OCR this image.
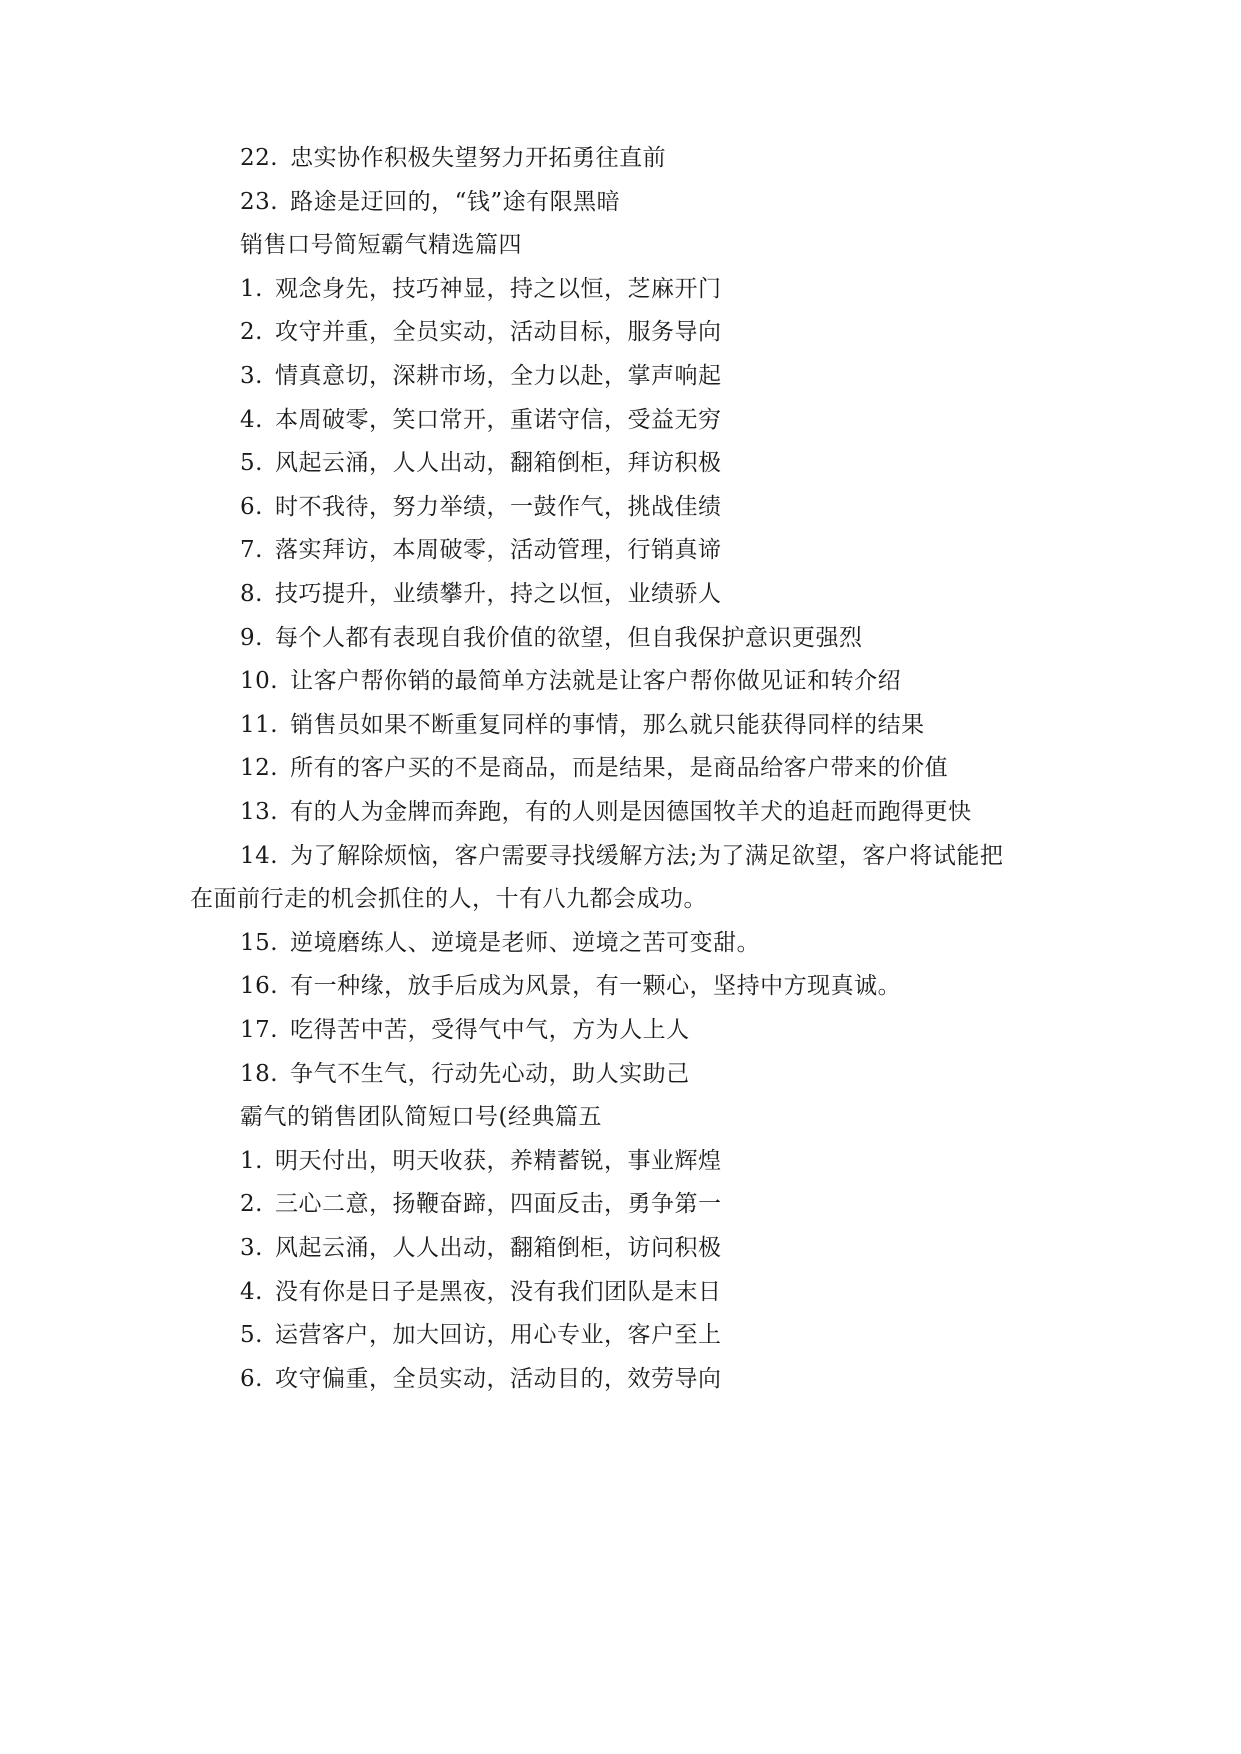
22. 忠实协作积极失望努力开拓勇往直前
23. 路途是迂回的，“钱”途有限黑暗
销售口号简短霸气精选篇四
1. 观念身先，技巧神显，持之以恒，芝麻开门
2. 攻守并重，全员实动，活动目标，服务导向
3. 情真意切，深耕市场，全力以赴，掌声响起
4. 本周破零，笑口常开，重诺守信，受益无穷
5. 风起云涌，人人出动，翻箱倒柜，拜访积极
6. 时不我待，努力举绩，一鼓作气，挑战佳绩
7. 落实拜访，本周破零，活动管理，行销真谛
8. 技巧提升，业绩攀升，持之以恒，业绩骄人
9. 每个人都有表现自我价值的欲望，但自我保护意识更强烈
10. 让客户帮你销的最简单方法就是让客户帮你做见证和转介绍
11. 销售员如果不断重复同样的事情，那么就只能获得同样的结果
12. 所有的客户买的不是商品，而是结果，是商品给客户带来的价值
13. 有的人为金牌而奔跑，有的人则是因德国牧羊犬的追赶而跑得更快
14. 为了解除烦恼，客户需要寻找缓解方法;为了满足欲望，客户将试能把
在面前行走的机会抓住的人，十有八九都会成功。
15. 逆境磨练人、逆境是老师、逆境之苦可变甜。
16. 有一种缘，放手后成为风景，有一颗心，坚持中方现真诚。
17. 吃得苦中苦，受得气中气，方为人上人
18. 争气不生气，行动先心动，助人实助己
霸气的销售团队简短口号(经典篇五
1. 明天付出，明天收获，养精蓄锐，事业辉煌
2. 三心二意，扬鞭奋蹄，四面反击，勇争第一
3. 风起云涌，人人出动，翻箱倒柜，访问积极
4. 没有你是日子是黑夜，没有我们团队是末日
5. 运营客户，加大回访，用心专业，客户至上
6. 攻守偏重，全员实动，活动目的，效劳导向
